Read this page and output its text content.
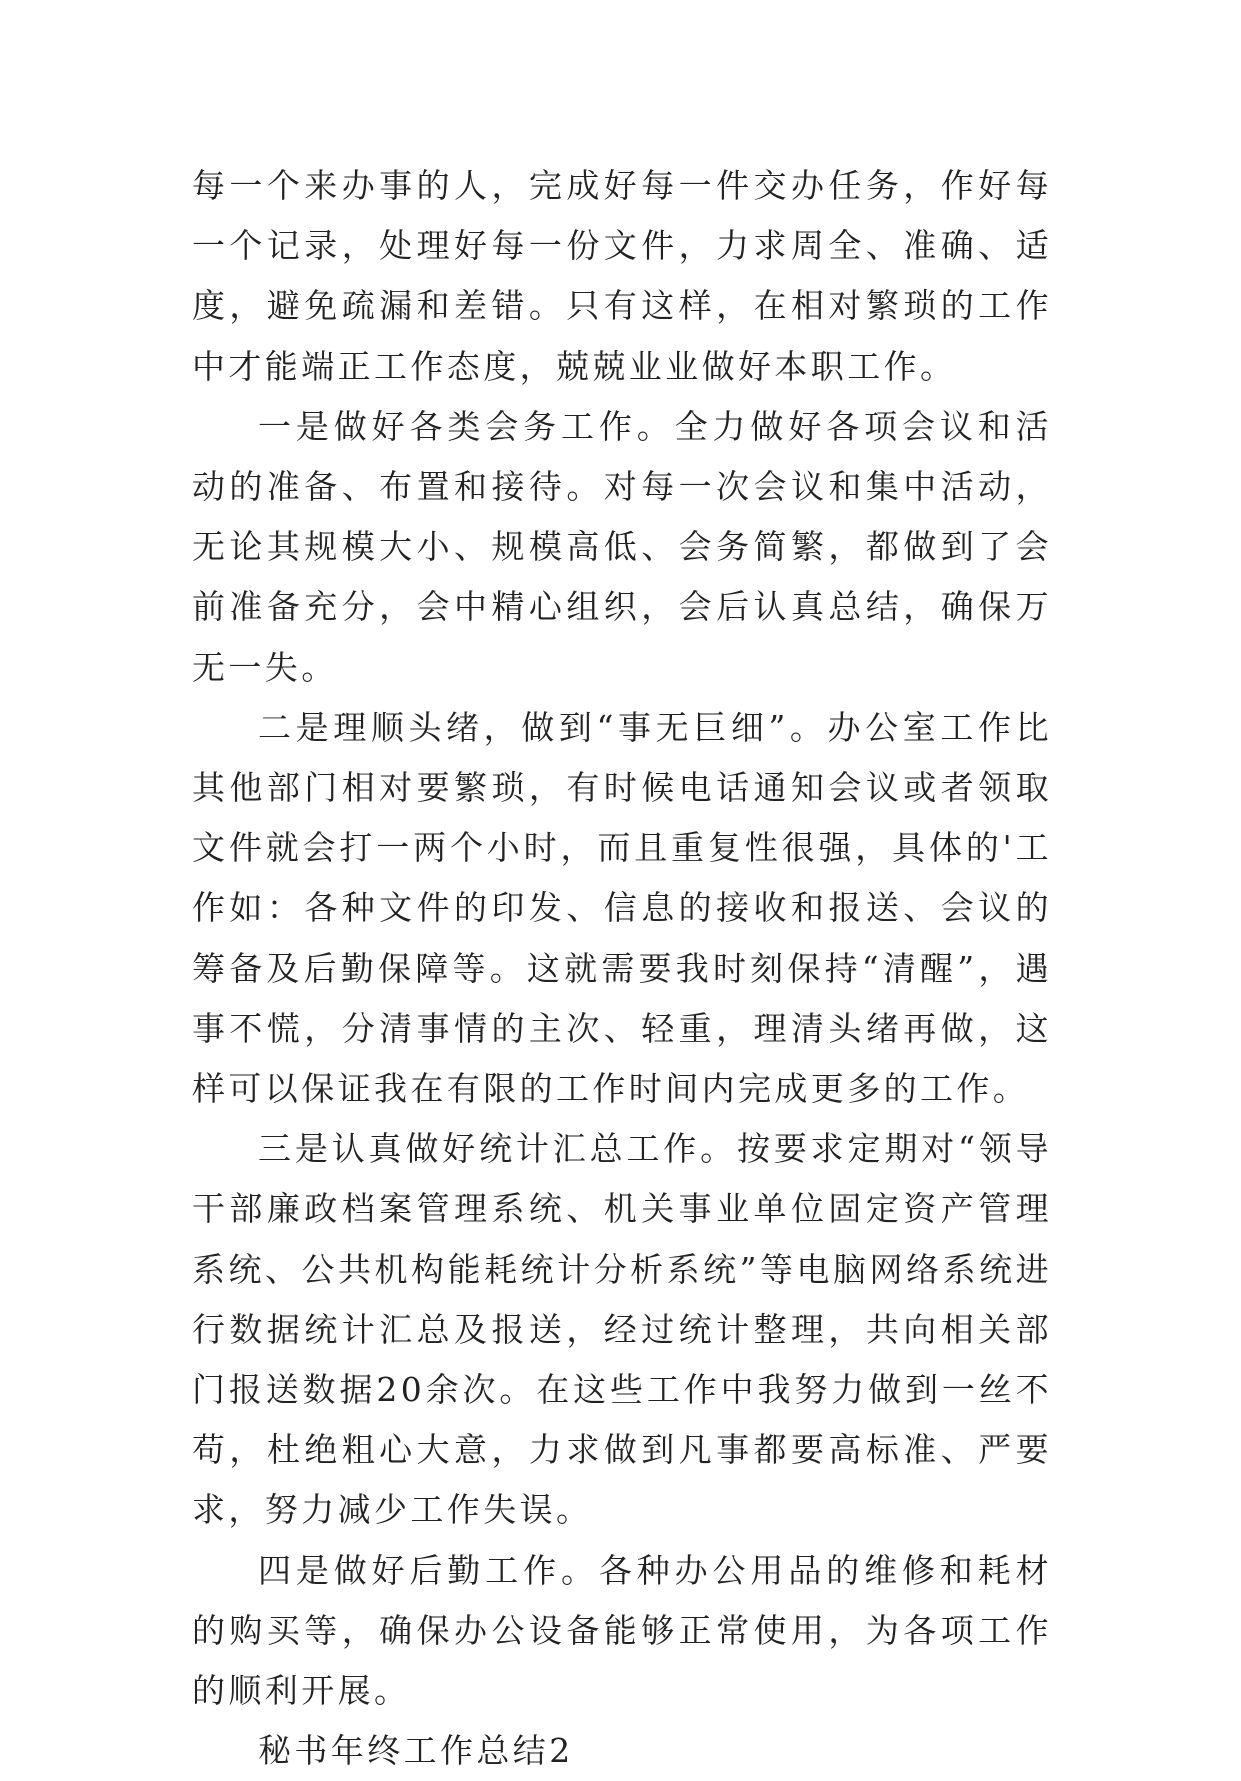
每一个来办事的人，完成好每一件交办任务，作好每一个记录，处理好每一份文件，力求周全、准确、适度，避免疏漏和差错。只有这样，在相对繁琐的工作中才能端正工作态度，兢兢业业做好本职工作。

一是做好各类会务工作。全力做好各项会议和活动的准备、布置和接待。对每一次会议和集中活动，无论其规模大小、规模高低、会务简繁，都做到了会前准备充分，会中精心组织，会后认真总结，确保万无一失。

二是理顺头绪，做到“事无巨细”。办公室工作比其他部门相对要繁琐，有时候电话通知会议或者领取文件就会打一两个小时，而且重复性很强，具体的'工作如：各种文件的印发、信息的接收和报送、会议的筹备及后勤保障等。这就需要我时刻保持“清醒”，遇事不慌，分清事情的主次、轻重，理清头绪再做，这样可以保证我在有限的工作时间内完成更多的工作。

三是认真做好统计汇总工作。按要求定期对“领导干部廉政档案管理系统、机关事业单位固定资产管理系统、公共机构能耗统计分析系统”等电脑网络系统进行数据统计汇总及报送，经过统计整理，共向相关部门报送数据20余次。在这些工作中我努力做到一丝不苟，杜绝粗心大意，力求做到凡事都要高标准、严要求，努力减少工作失误。

四是做好后勤工作。各种办公用品的维修和耗材的购买等，确保办公设备能够正常使用，为各项工作的顺利开展。

秘书年终工作总结2
